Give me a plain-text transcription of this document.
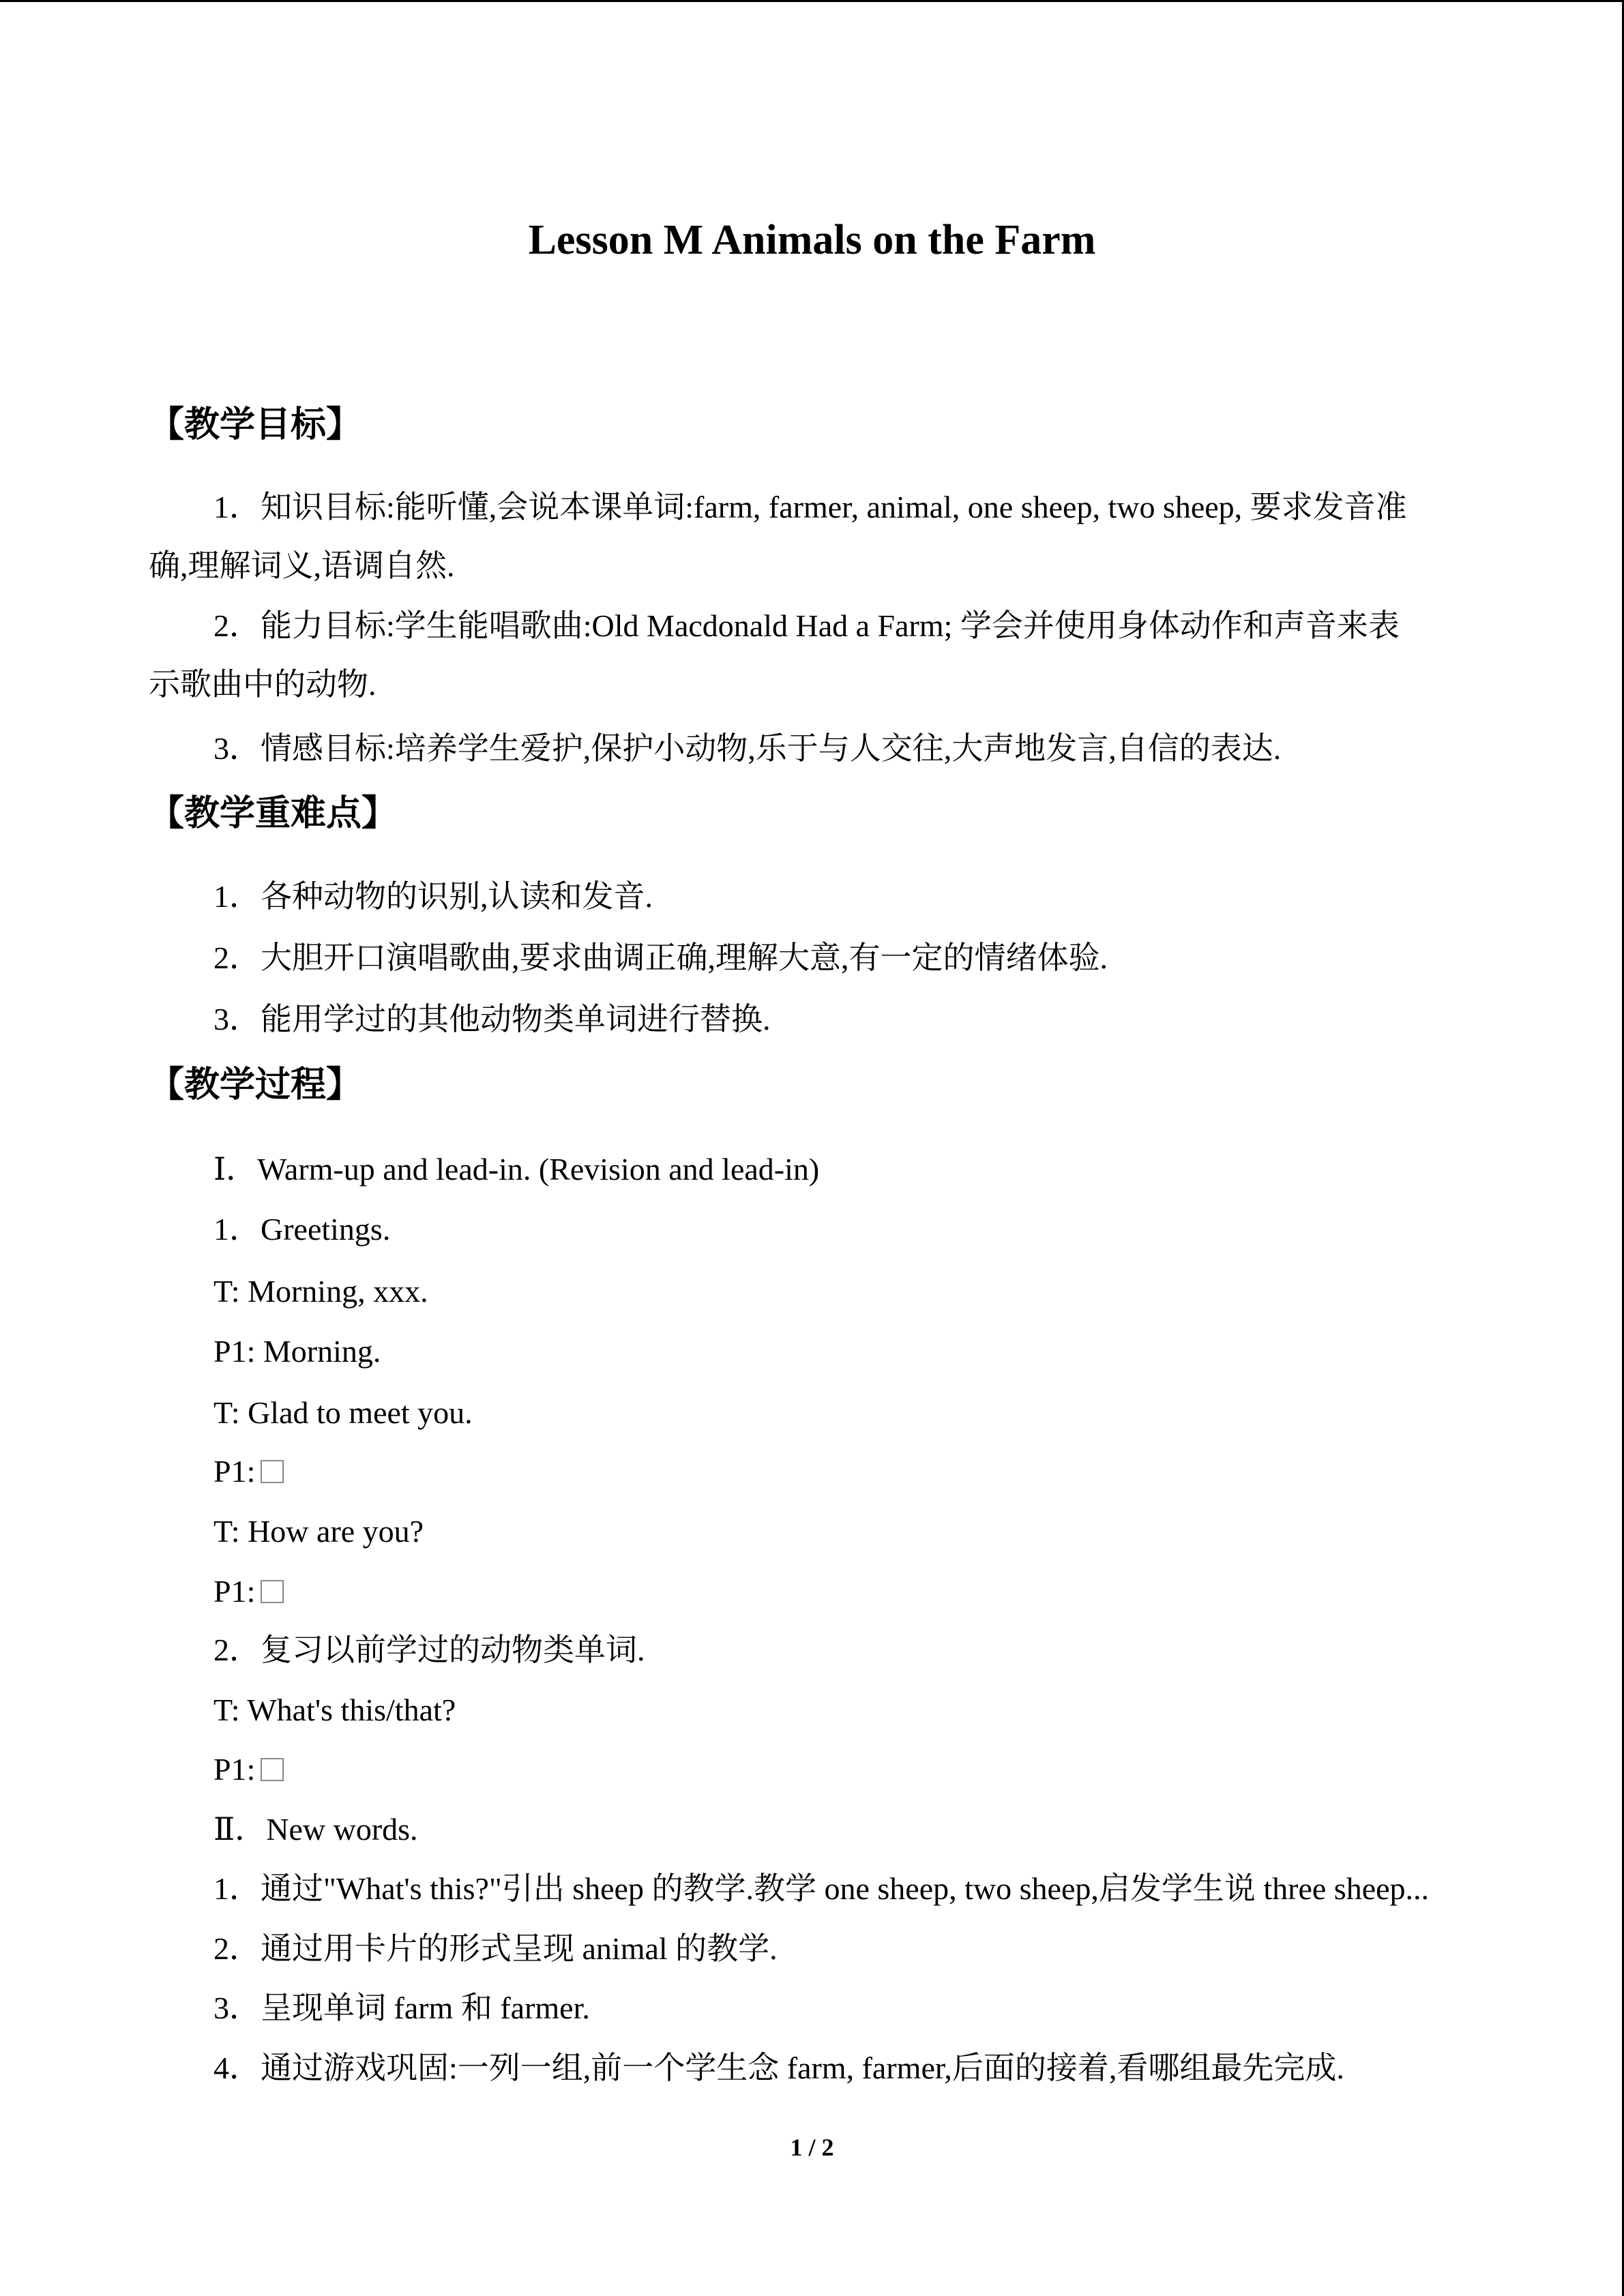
Lesson M Animals on the Farm
【教学目标】
1．知识目标:能听懂,会说本课单词:farm, farmer, animal, one sheep, two sheep, 要求发音准
确,理解词义,语调自然.
2．能力目标:学生能唱歌曲:Old Macdonald Had a Farm; 学会并使用身体动作和声音来表
示歌曲中的动物.
3．情感目标:培养学生爱护,保护小动物,乐于与人交往,大声地发言,自信的表达.
【教学重难点】
1．各种动物的识别,认读和发音.
2．大胆开口演唱歌曲,要求曲调正确,理解大意,有一定的情绪体验.
3．能用学过的其他动物类单词进行替换.
【教学过程】
Ⅰ．Warm-up and lead-in. (Revision and lead-in)
1．Greetings.
T: Morning, xxx.
P1: Morning.
T: Glad to meet you.
P1:
T: How are you?
P1:
2．复习以前学过的动物类单词.
T: What's this/that?
P1:
Ⅱ．New words.
1．通过"What's this?"引出 sheep 的教学.教学 one sheep, two sheep,启发学生说 three sheep...
2．通过用卡片的形式呈现 animal 的教学.
3．呈现单词 farm 和 farmer.
4．通过游戏巩固:一列一组,前一个学生念 farm, farmer,后面的接着,看哪组最先完成.
1 / 2
